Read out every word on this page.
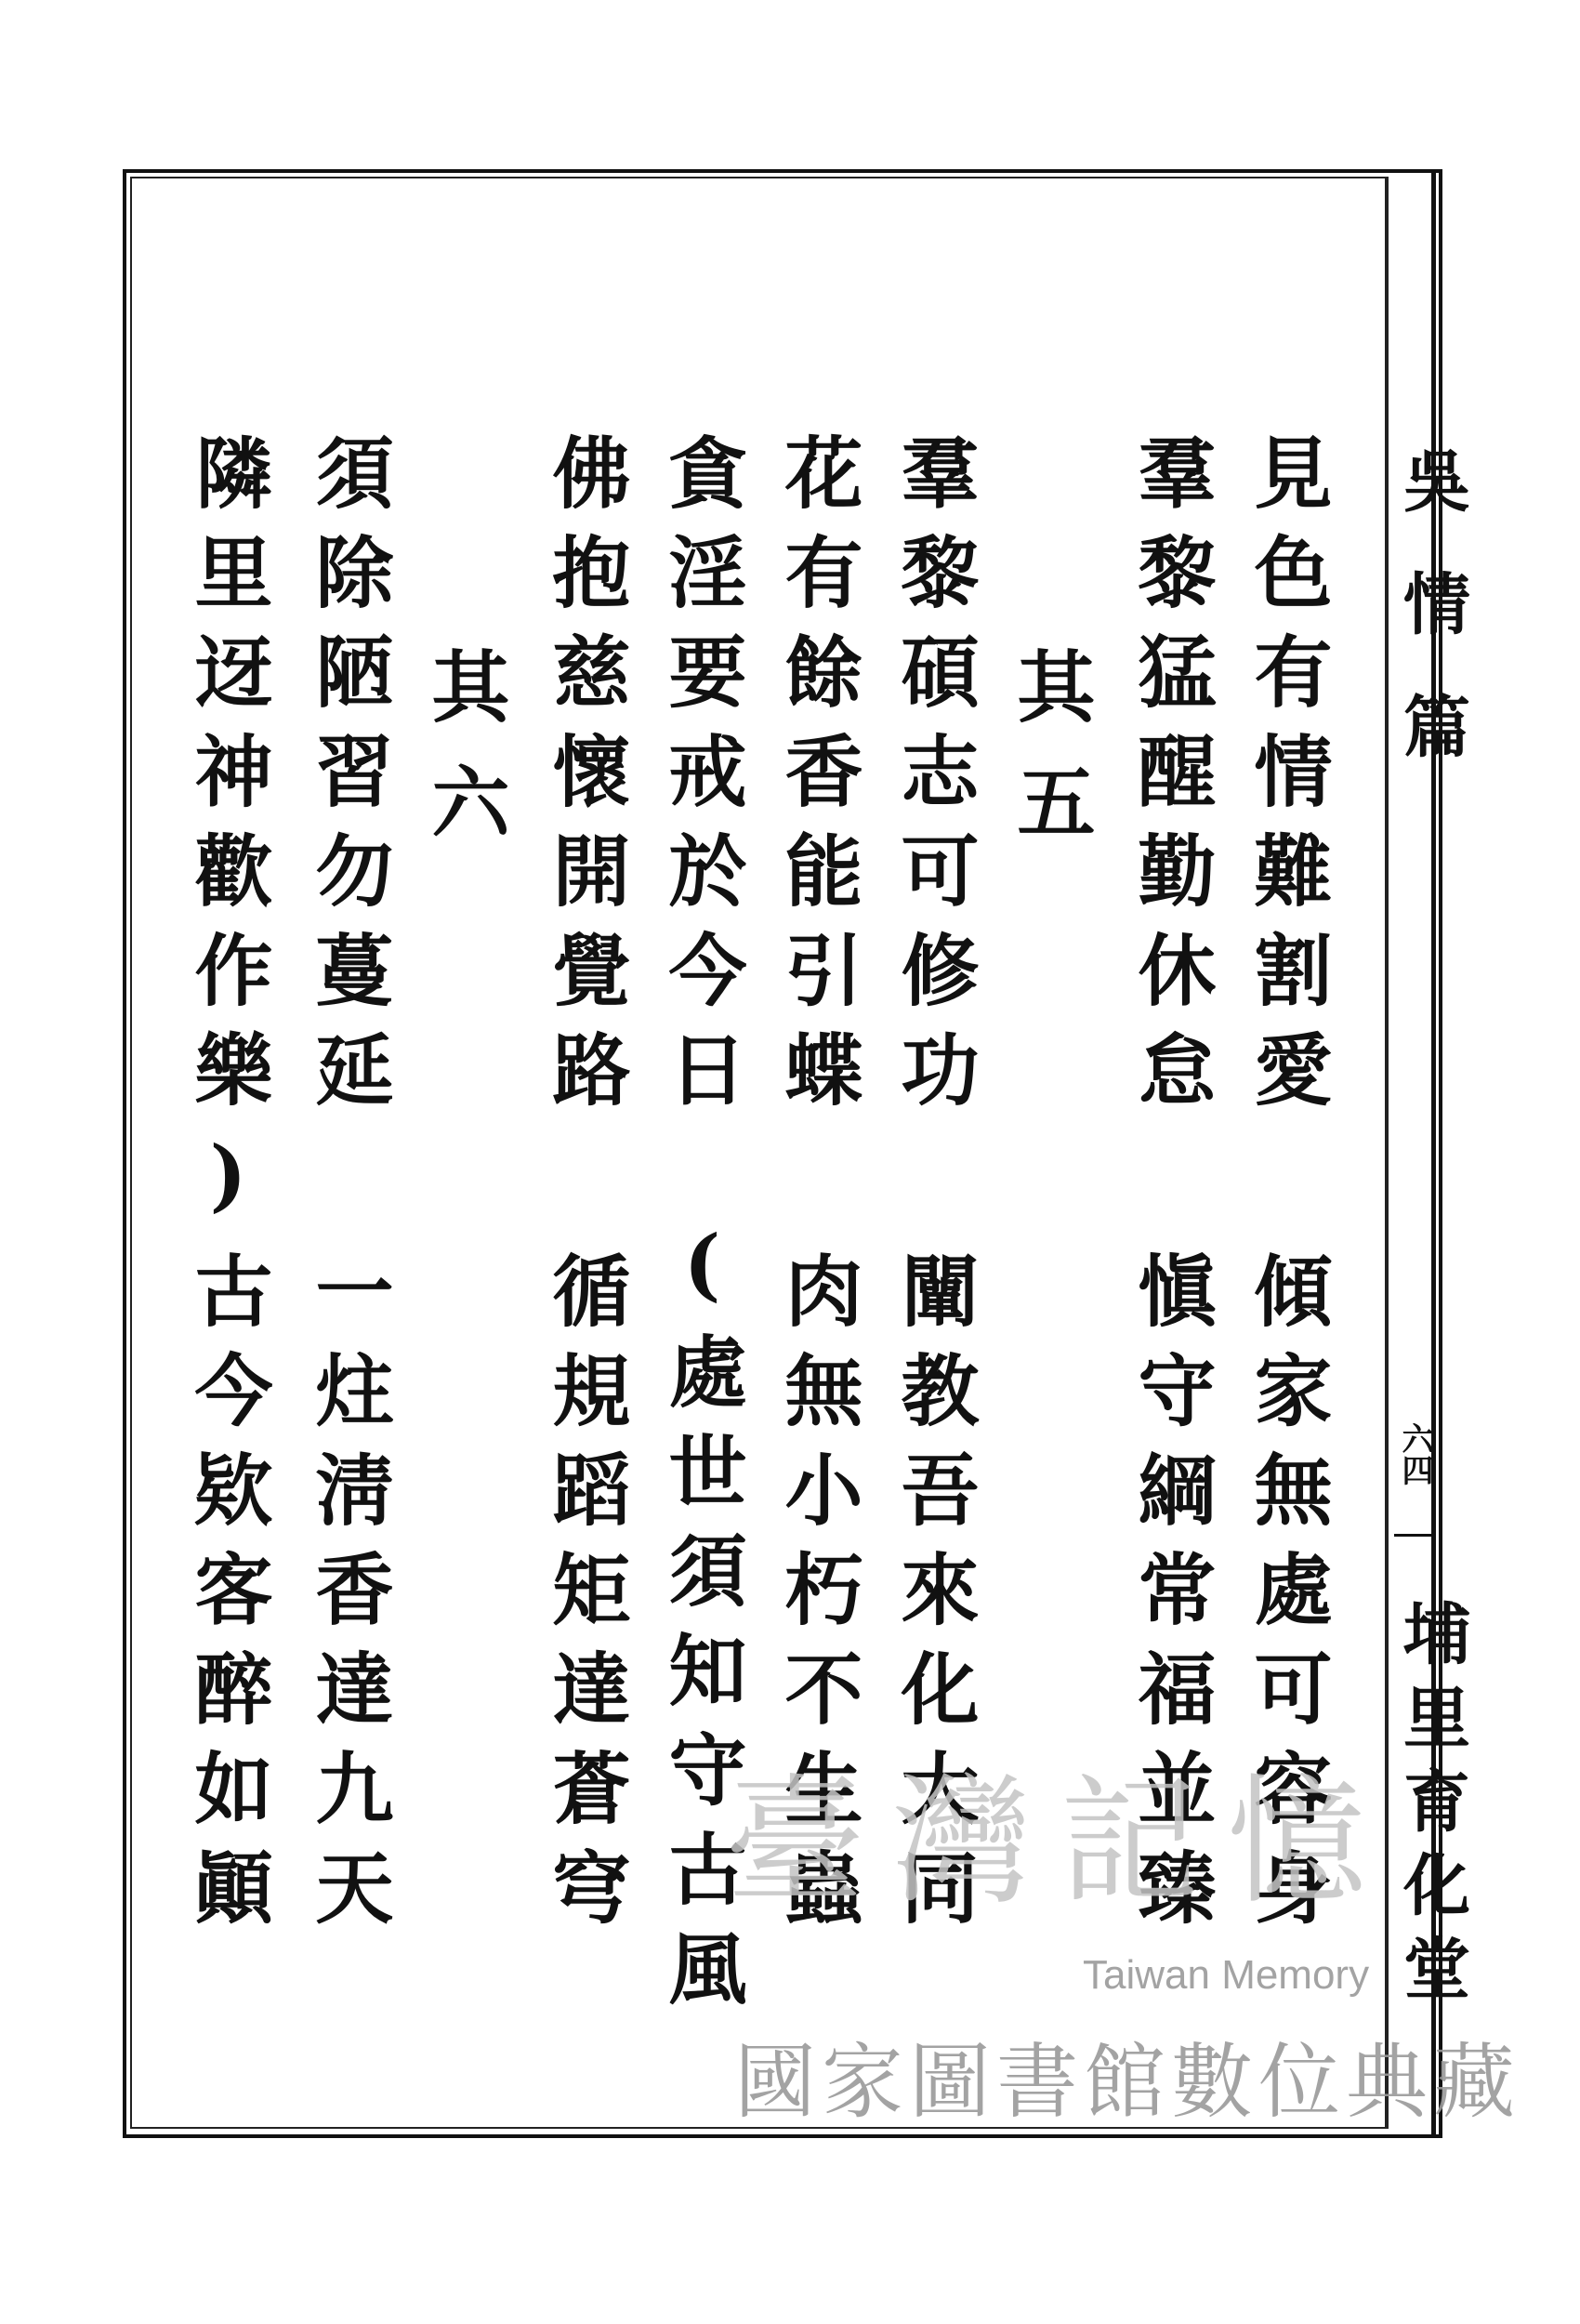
吳情篇
六四
埔里育化堂
見色有情難割愛
傾家無處可容身
羣黎猛醒勤休怠
愼守綱常福並臻
其五
羣黎碩志可修功
闡教吾來化大同
花有餘香能引蝶
肉無小朽不生蟲
貪淫要戒於今日
(處世須知守古風
佛抱慈懷開覺路
循規蹈矩達蒼穹
其六
須除陋習勿蔓延
一炷淸香達九天
隣里迓神歡作樂)
古今欵客醉如顚	臺灣記憶
Taiwan Memory
國家圖書館數位典藏
